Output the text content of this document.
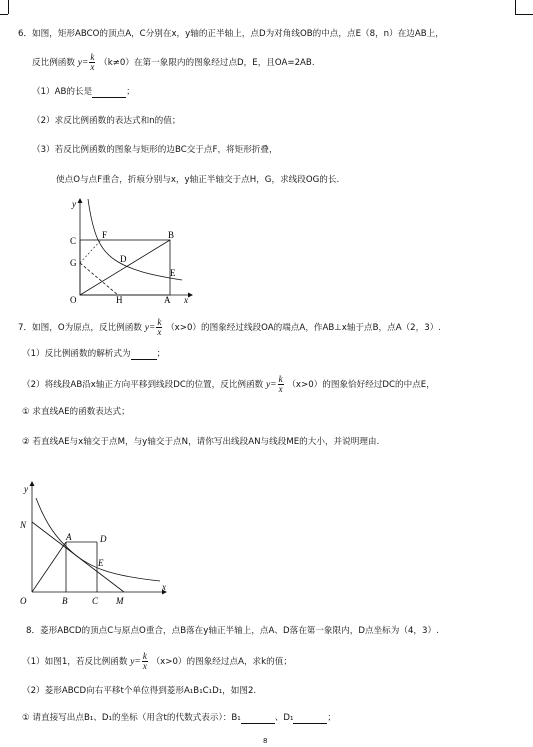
6．如图，矩形ABCO的顶点A，C分别在x，y轴的正半轴上，点D为对角线OB的中点，点E（8，n）在边AB上，
反比例函数 $y= \frac{k}{x} (k\ne 0)$在第一象限内的图象经过点D，E，且OA=2AB.
（1）AB的长是	；
（2）求反比例函数的表达式和n的值；
（3）若反比例函数的图象与矩形的边BC交于点F，将矩形折叠，
使点O与点F重合，折痕分别与x，y轴正半轴交于点H，G，求线段OG的长.
y
x
C
F	B
G	D
E
O	H	A
7．如图，O为原点，反比例函数 $y= \frac{k}{x} (x>0)$的图象经过线段OA的端点A，作AB⊥x轴于点B，点A（2，3）.
（1）反比例函数的解析式为	；
（2）将线段AB沿x轴正方向平移到线段DC的位置，反比例函数 $y= \frac{k}{x} (x>0)$的图象恰好经过DC的中点E，
① 求直线AE的函数表达式；
② 若直线AE与x轴交于点M，与y轴交于点N，请你写出线段AN与线段ME的大小，并说明理由.
y
x
N
A	D
E
O	B	C M
8．菱形ABCD的顶点C与原点O重合，点B落在y轴正半轴上，点A、D落在第一象限内，D点坐标为（4，3）.
（1）如图1，若反比例函数 $y= \frac{k}{x} (x>0)$的图象经过点A，求k的值；
（2）菱形ABCD向右平移t个单位得到菱形A₁B₁C₁D₁，如图2.
① 请直接写出点B₁、D₁的坐标（用含t的代数式表示）：B₁	、D₁	；
8
